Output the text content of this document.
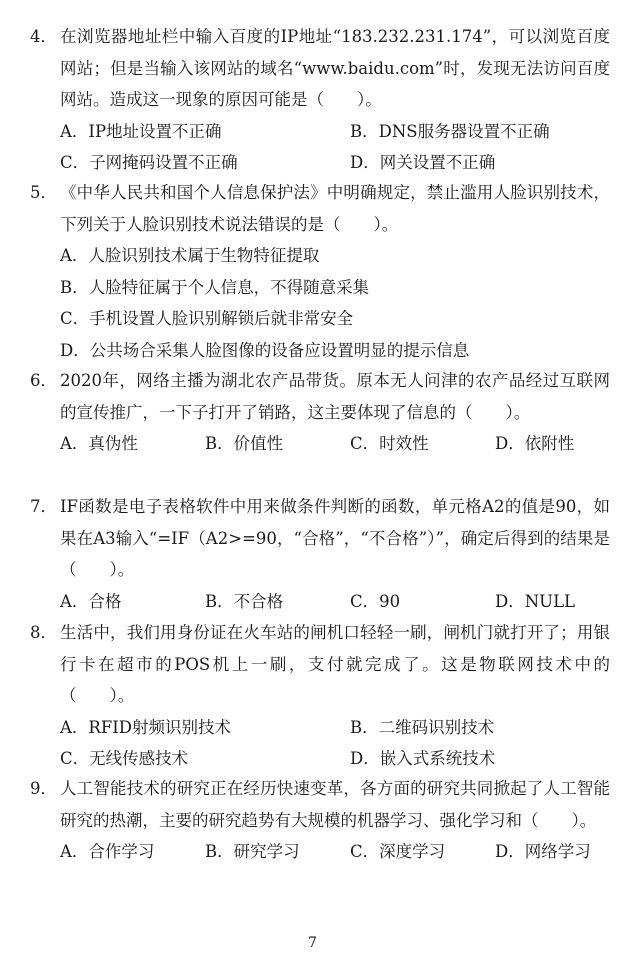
4． 在浏览器地址栏中输入百度的IP地址“183.232.231.174”，可以浏览百度网站；但是当输入该网站的域名“www.baidu.com”时，发现无法访问百度网站。造成这一现象的原因可能是（　　）。
A．IP地址设置不正确	B．DNS服务器设置不正确
C．子网掩码设置不正确	D．网关设置不正确
5． 《中华人民共和国个人信息保护法》中明确规定，禁止滥用人脸识别技术，下列关于人脸识别技术说法错误的是（　　）。
A． 人脸识别技术属于生物特征提取
B． 人脸特征属于个人信息，不得随意采集
C． 手机设置人脸识别解锁后就非常安全
D． 公共场合采集人脸图像的设备应设置明显的提示信息
6． 2020年，网络主播为湖北农产品带货。原本无人问津的农产品经过互联网的宣传推广，一下子打开了销路，这主要体现了信息的（　　）。
A．真伪性	B．价值性	C．时效性	D．依附性
7． IF函数是电子表格软件中用来做条件判断的函数，单元格A2的值是90，如果在A3输入“=IF（A2>=90，“合格”，“不合格”）”，确定后得到的结果是（　　）。
A．合格	B．不合格	C．90	D．NULL
8． 生活中，我们用身份证在火车站的闸机口轻轻一刷，闸机门就打开了；用银行卡在超市的POS机上一刷，支付就完成了。这是物联网技术中的（　　）。
A．RFID射频识别技术	B．二维码识别技术
C．无线传感技术	D．嵌入式系统技术
9． 人工智能技术的研究正在经历快速变革，各方面的研究共同掀起了人工智能研究的热潮，主要的研究趋势有大规模的机器学习、强化学习和（　　）。
A．合作学习	B．研究学习	C．深度学习	D．网络学习
7
